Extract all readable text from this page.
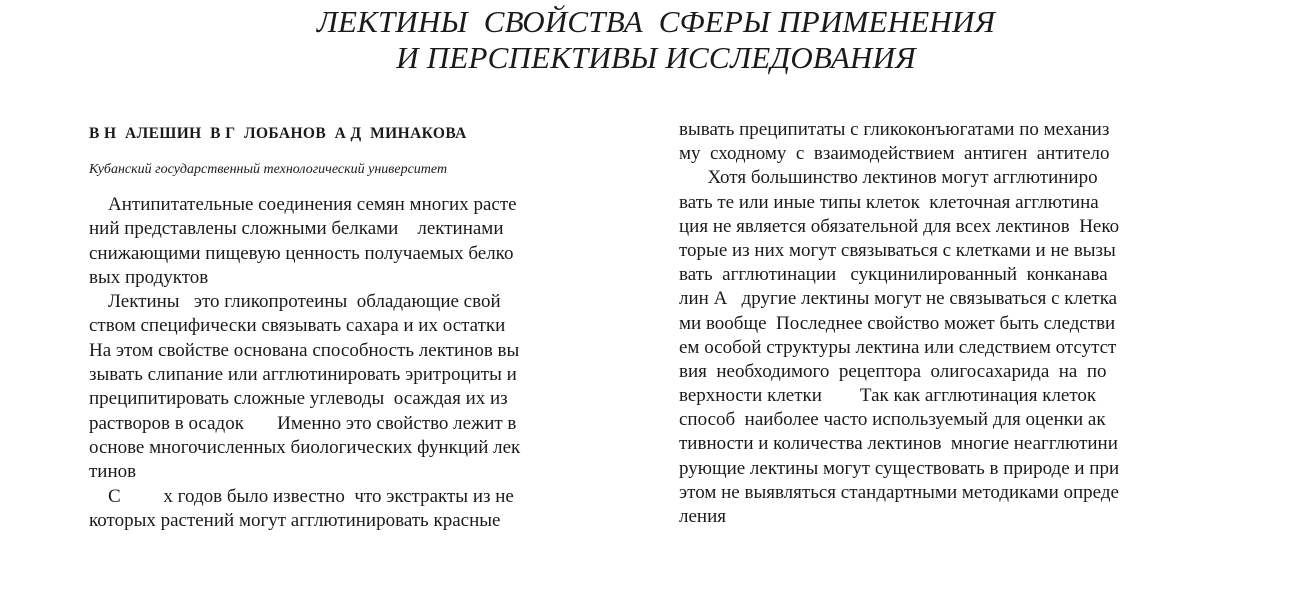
ЛЕКТИНЫ  СВОЙСТВА  СФЕРЫ ПРИМЕНЕНИЯ
И ПЕРСПЕКТИВЫ ИССЛЕДОВАНИЯ
В Н  АЛЕШИН  В Г  ЛОБАНОВ  А Д  МИНАКОВА
Кубанский государственный технологический университет
Антипитательные соединения семян многих расте
ний представлены сложными белками    лектинами
снижающими пищевую ценность получаемых белко
вых продуктов
Лектины   это гликопротеины  обладающие свой
ством специфически связывать сахара и их остатки
На этом свойстве основана способность лектинов вы
зывать слипание или агглютинировать эритроциты и
преципитировать сложные углеводы  осаждая их из
растворов в осадок       Именно это свойство лежит в
основе многочисленных биологических функций лек
тинов
С         х годов было известно  что экстракты из не
которых растений могут агглютинировать красные
вывать преципитаты с гликоконъюгатами по механиз
му  сходному  с  взаимодействием  антиген  антитело
Хотя большинство лектинов могут агглютиниро
вать те или иные типы клеток  клеточная агглютина
ция не является обязательной для всех лектинов  Неко
торые из них могут связываться с клетками и не вызы
вать  агглютинации   сукцинилированный  конканава
лин А   другие лектины могут не связываться с клетка
ми вообще  Последнее свойство может быть следстви
ем особой структуры лектина или следствием отсутст
вия  необходимого  рецептора  олигосахарида  на  по
верхности клетки        Так как агглютинация клеток
способ  наиболее часто используемый для оценки ак
тивности и количества лектинов  многие неагглютини
рующие лектины могут существовать в природе и при
этом не выявляться стандартными методиками опреде
ления
